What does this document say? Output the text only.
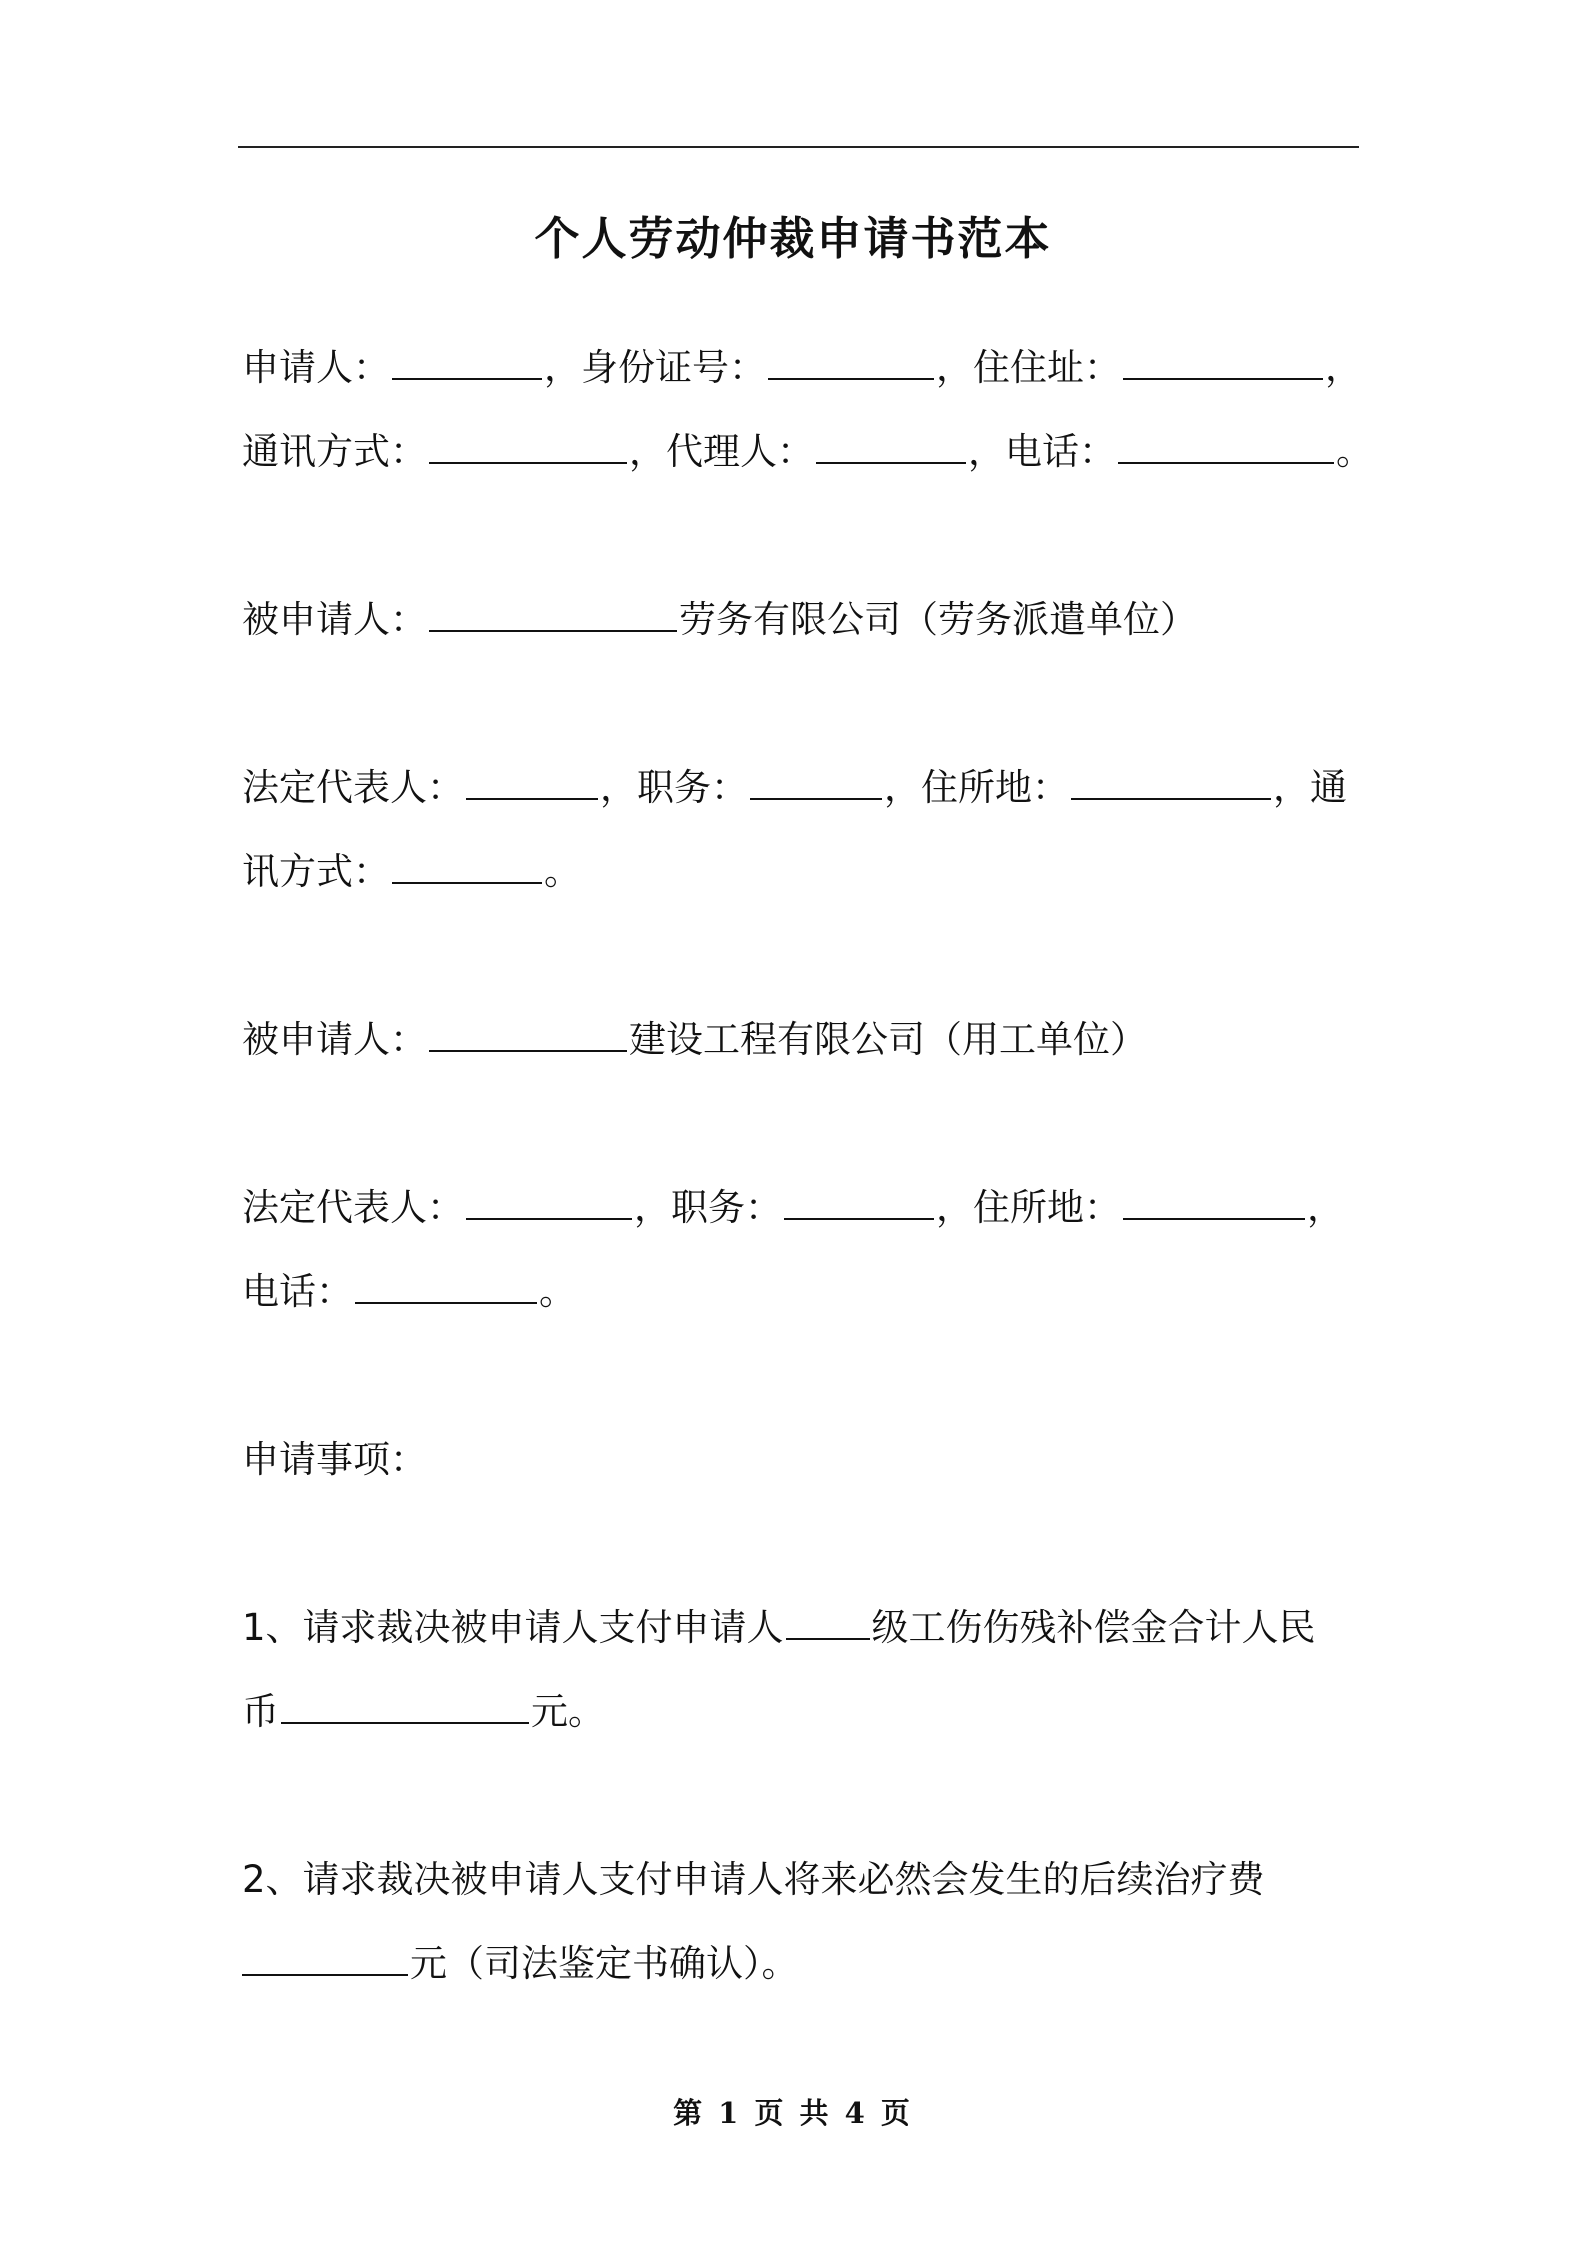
个人劳动仲裁申请书范本
申请人：	，身份证号：	，住住址：	，
通讯方式：	，代理人：	，电话：	。
被申请人：	劳务有限公司（劳务派遣单位）
法定代表人：	，职务：	，住所地：	，通
讯方式：	。
被申请人：	建设工程有限公司（用工单位）
法定代表人：	，职务：	，住所地：	，
电话：	。
申请事项：
1、请求裁决被申请人支付申请人 级工伤伤残补偿金合计人民
币	元。
2、请求裁决被申请人支付申请人将来必然会发生的后续治疗费
元（司法鉴定书确认）。
第 1 页 共 4 页
